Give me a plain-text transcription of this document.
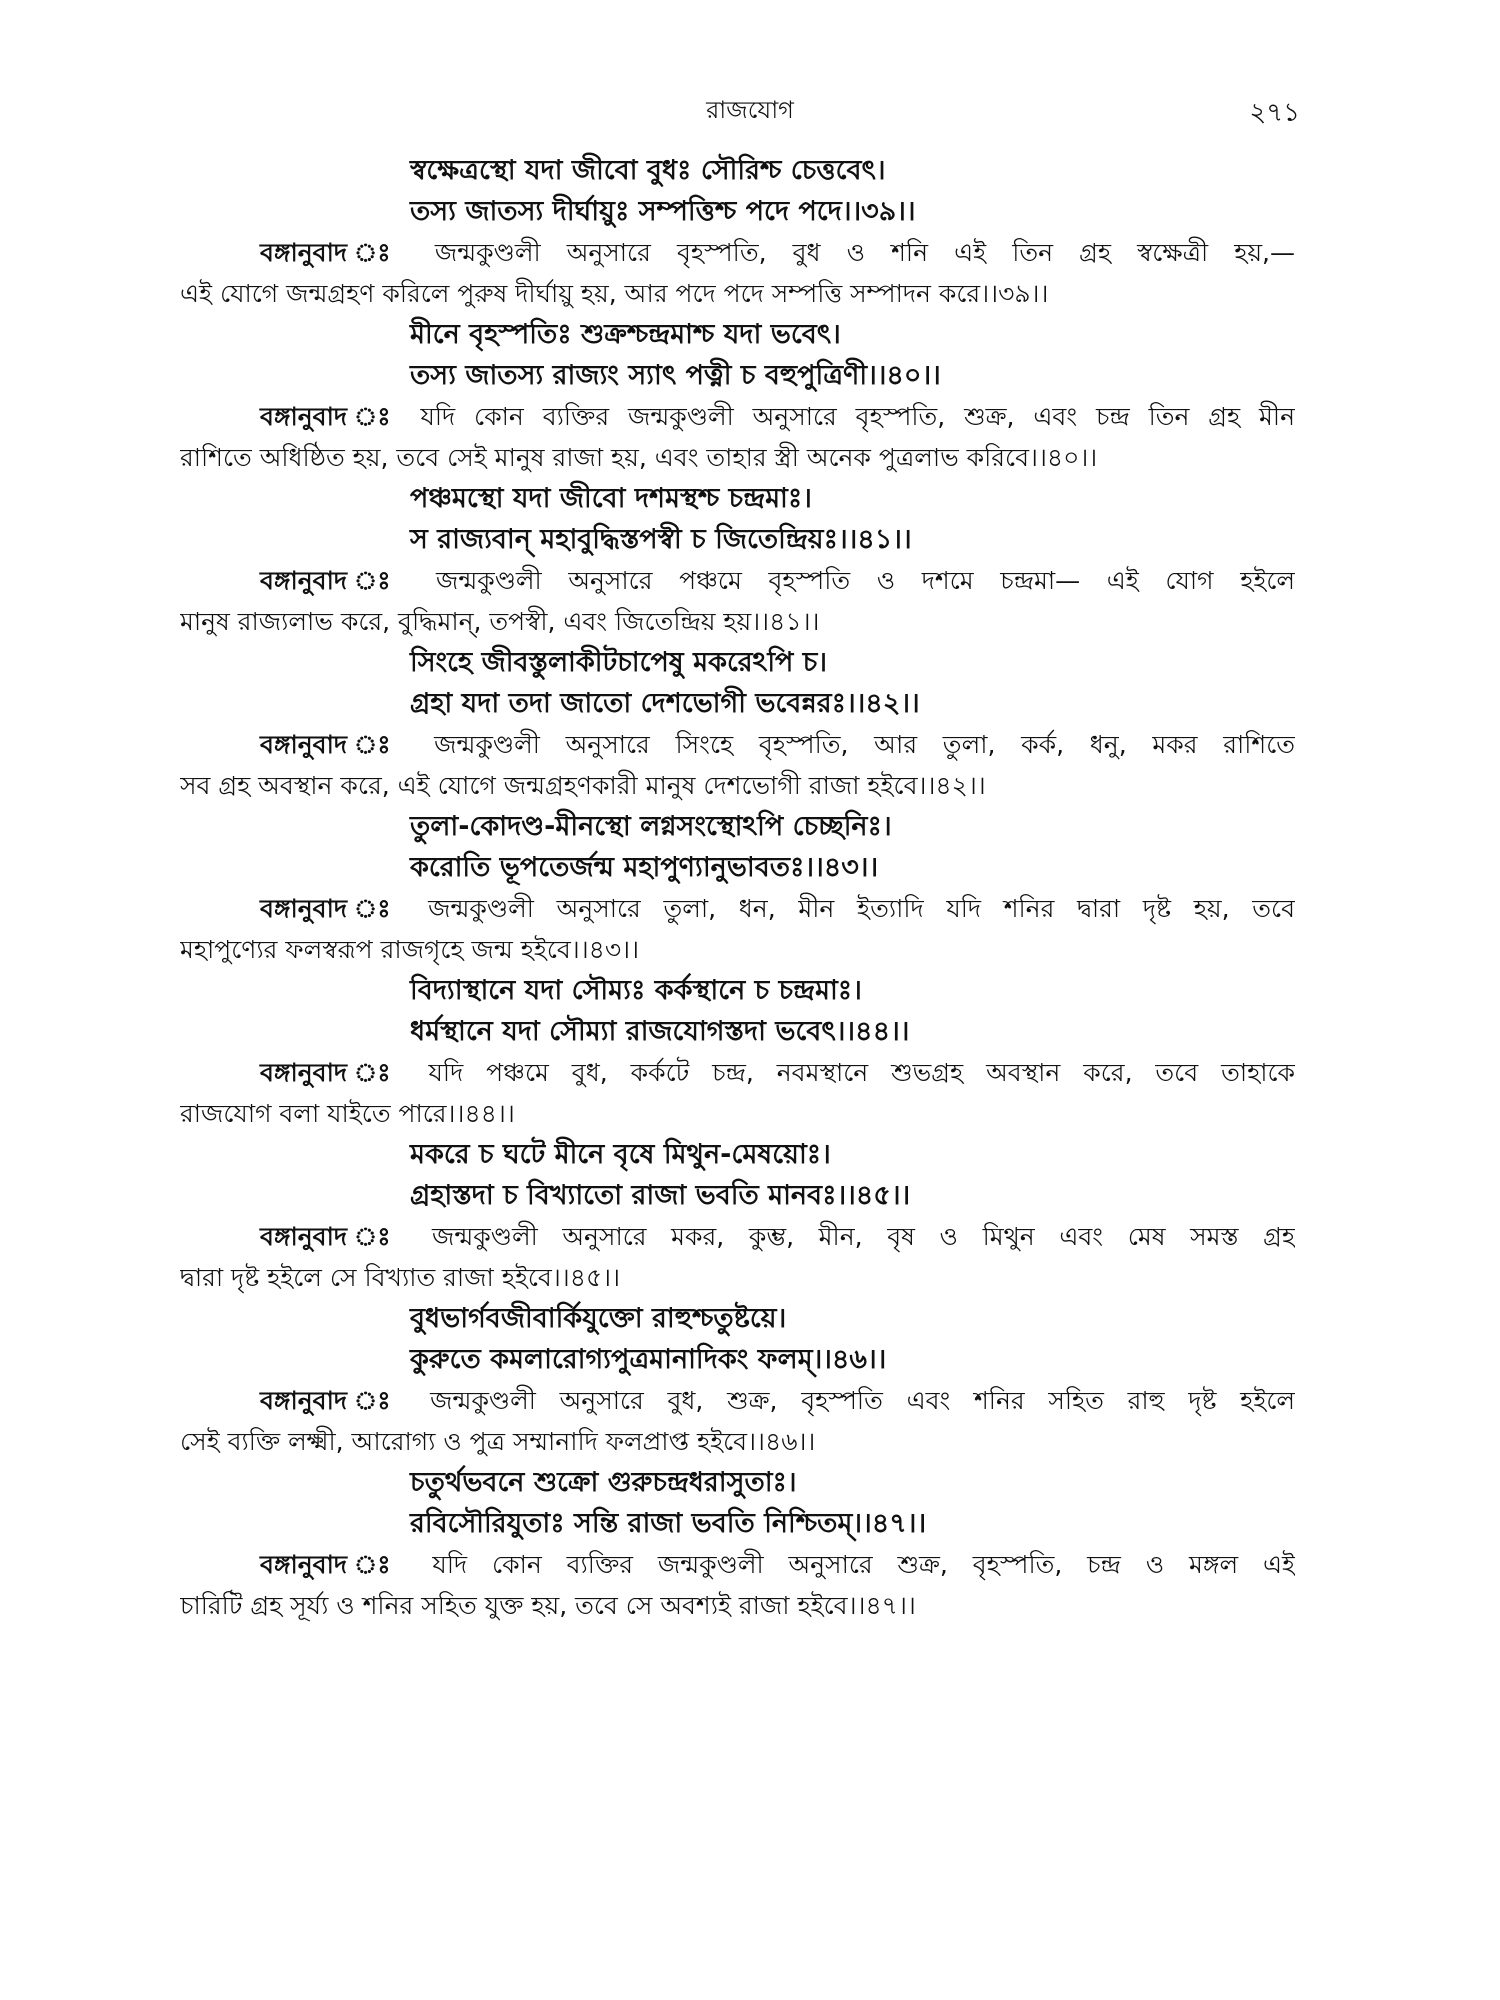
রাজযোগ	২৭১
স্বক্ষেত্রস্থো যদা জীবো বুধঃ সৌরিশ্চ চেত্তবেৎ।
তস্য জাতস্য দীর্ঘায়ুঃ সম্পত্তিশ্চ পদে পদে।।৩৯।।
বঙ্গানুবাদ ঃ জন্মকুণ্ডলী অনুসারে বৃহস্পতি, বুধ ও শনি এই তিন গ্রহ স্বক্ষেত্রী হয়,—
এই যোগে জন্মগ্রহণ করিলে পুরুষ দীর্ঘায়ু হয়, আর পদে পদে সম্পত্তি সম্পাদন করে।।৩৯।।
মীনে বৃহস্পতিঃ শুক্রশ্চন্দ্রমাশ্চ যদা ভবেৎ।
তস্য জাতস্য রাজ্যং স্যাৎ পত্নী চ বহুপুত্রিণী।।৪০।।
বঙ্গানুবাদ ঃ যদি কোন ব্যক্তির জন্মকুণ্ডলী অনুসারে বৃহস্পতি, শুক্র, এবং চন্দ্র তিন গ্রহ মীন
রাশিতে অধিষ্ঠিত হয়, তবে সেই মানুষ রাজা হয়, এবং তাহার স্ত্রী অনেক পুত্রলাভ করিবে।।৪০।।
পঞ্চমস্থো যদা জীবো দশমস্থশ্চ চন্দ্রমাঃ।
স রাজ্যবান্ মহাবুদ্ধিস্তপস্বী চ জিতেন্দ্রিয়ঃ।।৪১।।
বঙ্গানুবাদ ঃ জন্মকুণ্ডলী অনুসারে পঞ্চমে বৃহস্পতি ও দশমে চন্দ্রমা— এই যোগ হইলে
মানুষ রাজ্যলাভ করে, বুদ্ধিমান্, তপস্বী, এবং জিতেন্দ্রিয় হয়।।৪১।।
সিংহে জীবস্তুলাকীটচাপেষু মকরেঽপি চ।
গ্রহা যদা তদা জাতো দেশভোগী ভবেন্নরঃ।।৪২।।
বঙ্গানুবাদ ঃ জন্মকুণ্ডলী অনুসারে সিংহে বৃহস্পতি, আর তুলা, কর্ক, ধনু, মকর রাশিতে
সব গ্রহ অবস্থান করে, এই যোগে জন্মগ্রহণকারী মানুষ দেশভোগী রাজা হইবে।।৪২।।
তুলা-কোদণ্ড-মীনস্থো লগ্নসংস্থোঽপি চেচ্ছনিঃ।
করোতি ভূপতের্জন্ম মহাপুণ্যানুভাবতঃ।।৪৩।।
বঙ্গানুবাদ ঃ জন্মকুণ্ডলী অনুসারে তুলা, ধন, মীন ইত্যাদি যদি শনির দ্বারা দৃষ্ট হয়, তবে
মহাপুণ্যের ফলস্বরূপ রাজগৃহে জন্ম হইবে।।৪৩।।
বিদ্যাস্থানে যদা সৌম্যঃ কর্কস্থানে চ চন্দ্রমাঃ।
ধর্মস্থানে যদা সৌম্যা রাজযোগস্তদা ভবেৎ।।৪৪।।
বঙ্গানুবাদ ঃ যদি পঞ্চমে বুধ, কর্কটে চন্দ্র, নবমস্থানে শুভগ্রহ অবস্থান করে, তবে তাহাকে
রাজযোগ বলা যাইতে পারে।।৪৪।।
মকরে চ ঘটে মীনে বৃষে মিথুন-মেষয়োঃ।
গ্রহাস্তদা চ বিখ্যাতো রাজা ভবতি মানবঃ।।৪৫।।
বঙ্গানুবাদ ঃ জন্মকুণ্ডলী অনুসারে মকর, কুম্ভ, মীন, বৃষ ও মিথুন এবং মেষ সমস্ত গ্রহ
দ্বারা দৃষ্ট হইলে সে বিখ্যাত রাজা হইবে।।৪৫।।
বুধভার্গবজীবার্কিযুক্তো রাহুশ্চতুষ্টয়ে।
কুরুতে কমলারোগ্যপুত্রমানাদিকং ফলম্।।৪৬।।
বঙ্গানুবাদ ঃ জন্মকুণ্ডলী অনুসারে বুধ, শুক্র, বৃহস্পতি এবং শনির সহিত রাহু দৃষ্ট হইলে
সেই ব্যক্তি লক্ষ্মী, আরোগ্য ও পুত্র সম্মানাদি ফলপ্রাপ্ত হইবে।।৪৬।।
চতুর্থভবনে শুক্রো গুরুচন্দ্রধরাসুতাঃ।
রবিসৌরিযুতাঃ সন্তি রাজা ভবতি নিশ্চিতম্।।৪৭।।
বঙ্গানুবাদ ঃ যদি কোন ব্যক্তির জন্মকুণ্ডলী অনুসারে শুক্র, বৃহস্পতি, চন্দ্র ও মঙ্গল এই
চারিটি গ্রহ সূর্য্য ও শনির সহিত যুক্ত হয়, তবে সে অবশ্যই রাজা হইবে।।৪৭।।
